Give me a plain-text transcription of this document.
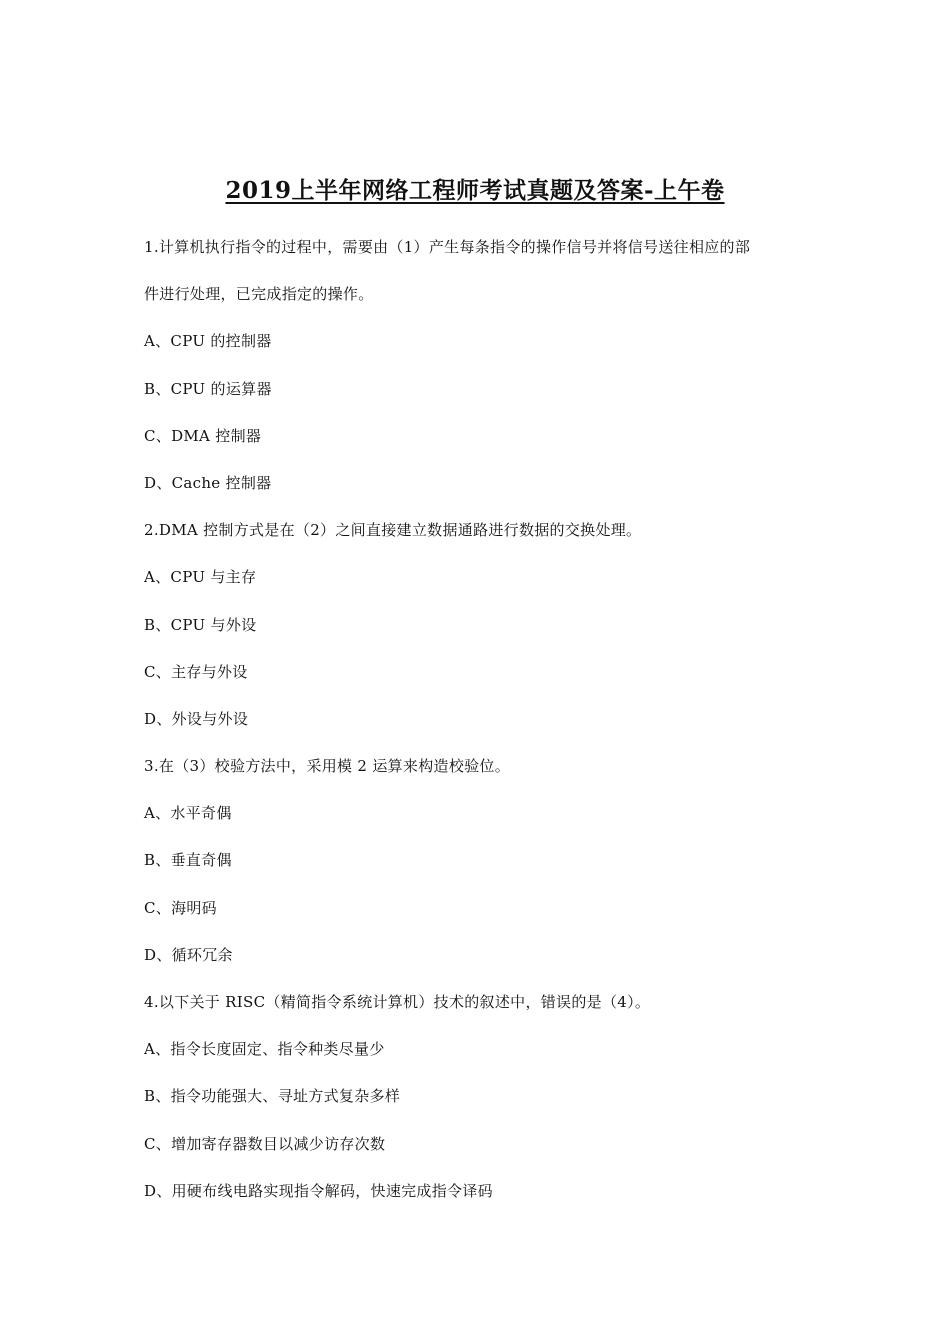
2019上半年网络工程师考试真题及答案-上午卷
1.计算机执行指令的过程中，需要由（1）产生每条指令的操作信号并将信号送往相应的部
件进行处理，已完成指定的操作。
A、CPU 的控制器
B、CPU 的运算器
C、DMA 控制器
D、Cache 控制器
2.DMA 控制方式是在（2）之间直接建立数据通路进行数据的交换处理。
A、CPU 与主存
B、CPU 与外设
C、主存与外设
D、外设与外设
3.在（3）校验方法中，采用模 2 运算来构造校验位。
A、水平奇偶
B、垂直奇偶
C、海明码
D、循环冗余
4.以下关于 RISC（精简指令系统计算机）技术的叙述中，错误的是（4）。
A、指令长度固定、指令种类尽量少
B、指令功能强大、寻址方式复杂多样
C、增加寄存器数目以减少访存次数
D、用硬布线电路实现指令解码，快速完成指令译码
